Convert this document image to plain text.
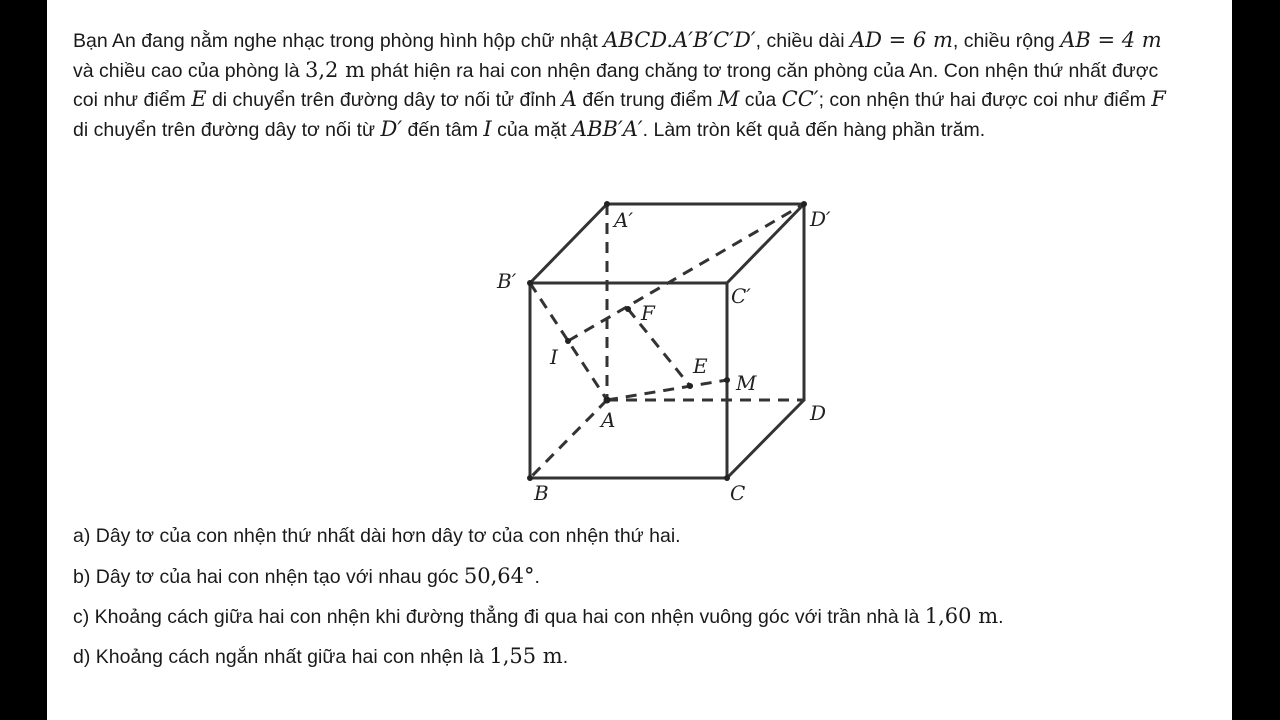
Bạn An đang nằm nghe nhạc trong phòng hình hộp chữ nhật ABCD.A′B′C′D′, chiều dài AD = 6 m, chiều rộng AB = 4 m và chiều cao của phòng là 3,2 m phát hiện ra hai con nhện đang chăng tơ trong căn phòng của An. Con nhện thứ nhất được coi như điểm E di chuyển trên đường dây tơ nối tử đỉnh A đến trung điểm M của CC′; con nhện thứ hai được coi như điểm F di chuyển trên đường dây tơ nối từ D′ đến tâm I của mặt ABB′A′. Làm tròn kết quả đến hàng phần trăm.

A′	D′
B′
C′
F
I	E
M
A	D
B	C
a) Dây tơ của con nhện thứ nhất dài hơn dây tơ của con nhện thứ hai.
b) Dây tơ của hai con nhện tạo với nhau góc 50,64°.
c) Khoảng cách giữa hai con nhện khi đường thẳng đi qua hai con nhện vuông góc với trần nhà là 1,60 m.
d) Khoảng cách ngắn nhất giữa hai con nhện là 1,55 m.
